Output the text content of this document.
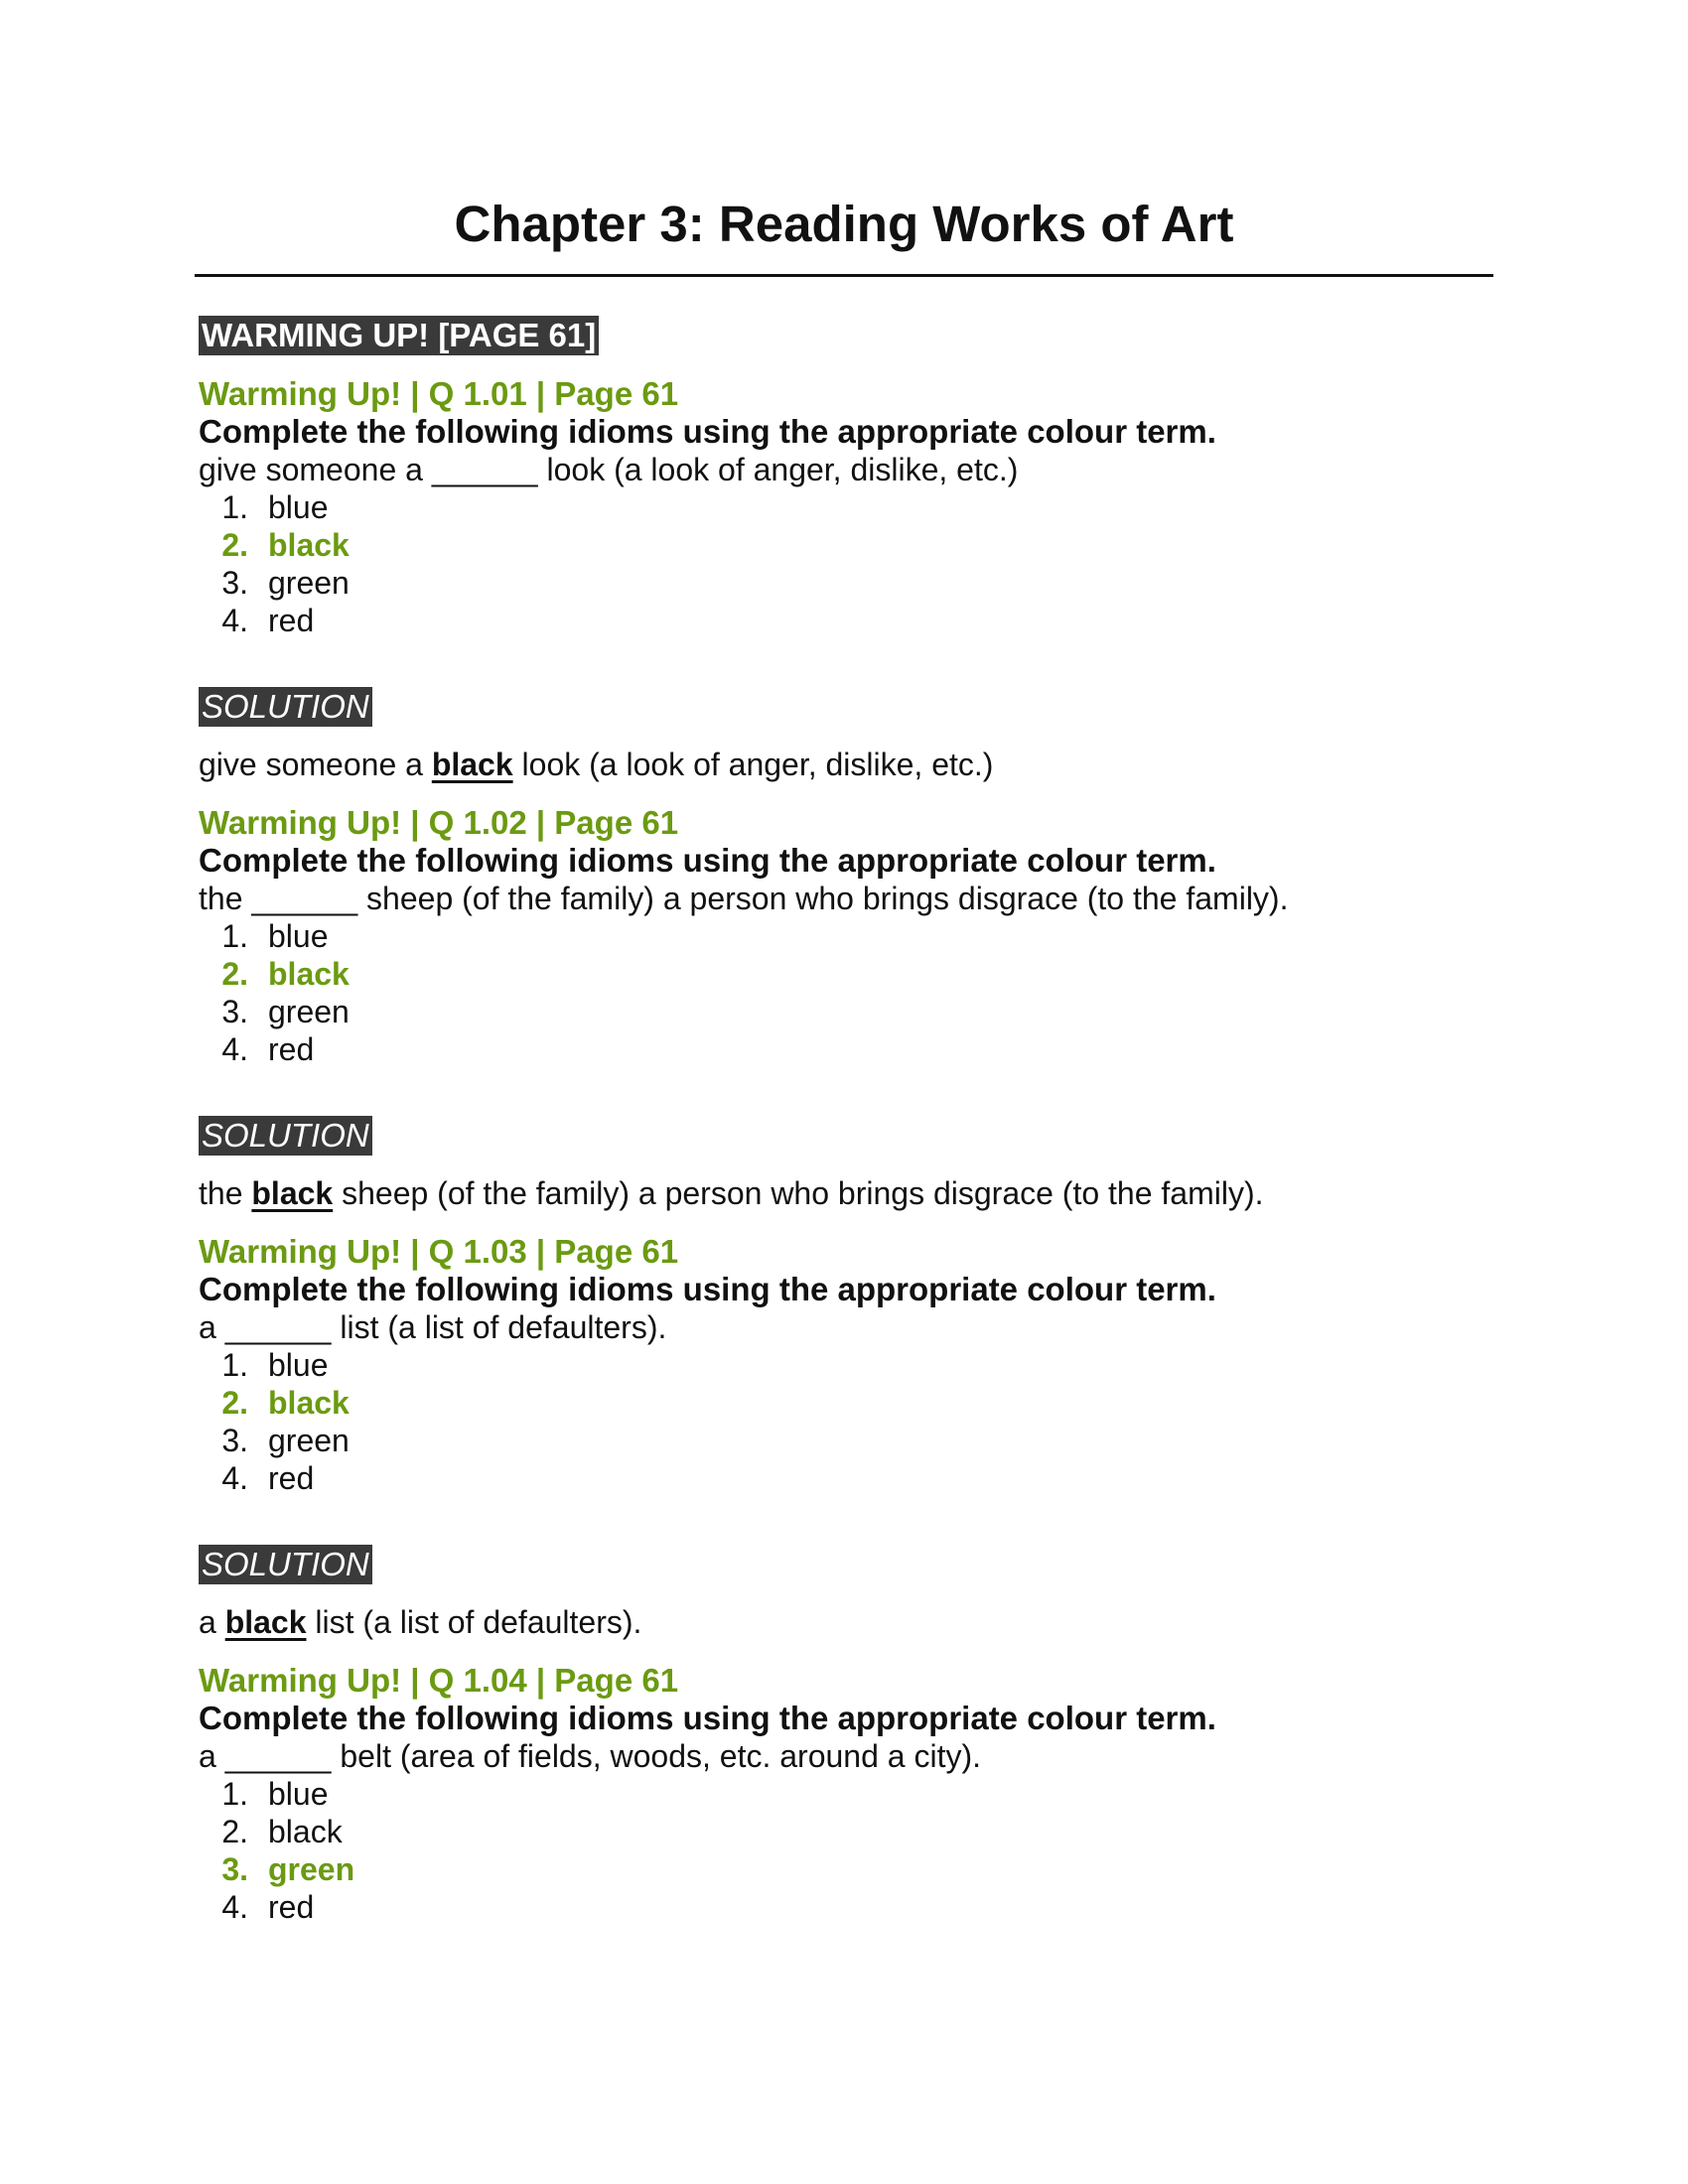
Chapter 3: Reading Works of Art
WARMING UP! [PAGE 61]

Warming Up! | Q 1.01 | Page 61

Complete the following idioms using the appropriate colour term.

give someone a ______ look (a look of anger, dislike, etc.)

1. blue
2. black
3. green
4. red
SOLUTION

give someone a black look (a look of anger, dislike, etc.)

Warming Up! | Q 1.02 | Page 61

Complete the following idioms using the appropriate colour term.

the ______ sheep (of the family) a person who brings disgrace (to the family).

1. blue
2. black
3. green
4. red
SOLUTION

the black sheep (of the family) a person who brings disgrace (to the family).

Warming Up! | Q 1.03 | Page 61

Complete the following idioms using the appropriate colour term.

a ______ list (a list of defaulters).

1. blue
2. black
3. green
4. red
SOLUTION

a black list (a list of defaulters).

Warming Up! | Q 1.04 | Page 61

Complete the following idioms using the appropriate colour term.

a ______ belt (area of fields, woods, etc. around a city).

1. blue
2. black
3. green
4. red
